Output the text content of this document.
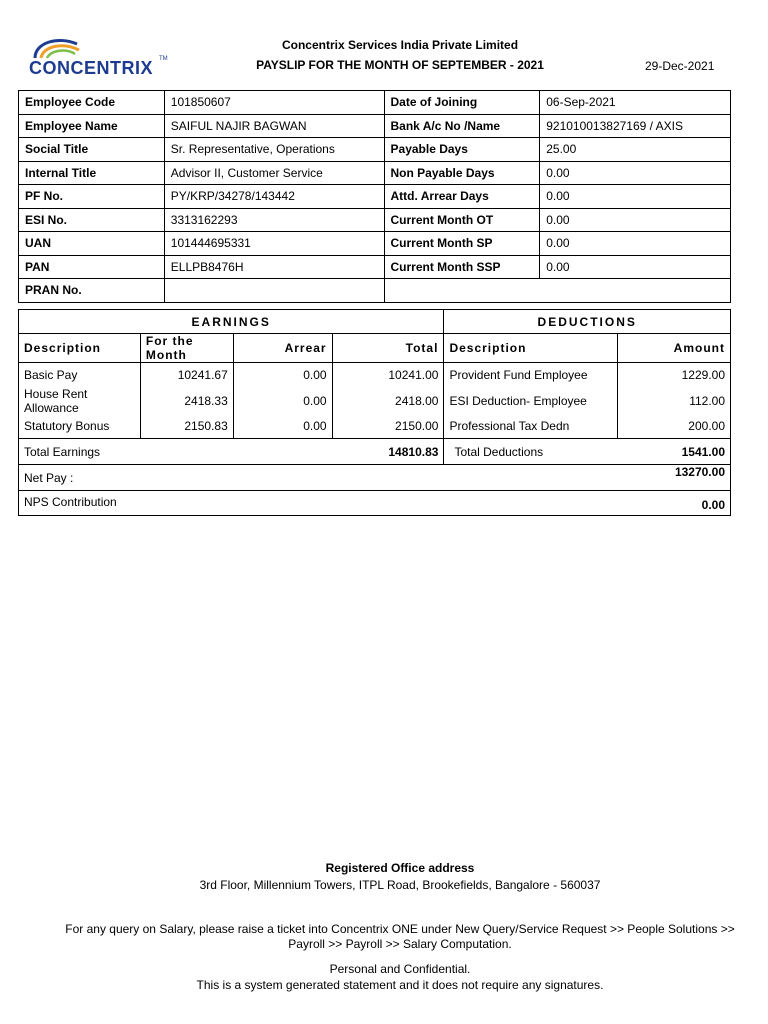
CONCENTRIX TM
Concentrix Services India Private Limited
PAYSLIP FOR THE MONTH OF SEPTEMBER - 2021	29-Dec-2021
Employee Code	101850607	Date of Joining	06-Sep-2021
Employee Name	SAIFUL NAJIR BAGWAN	Bank A/c No /Name	921010013827169 / AXIS
Social Title	Sr. Representative, Operations	Payable Days	25.00
Internal Title	Advisor II, Customer Service	Non Payable Days	0.00
PF No.	PY/KRP/34278/143442	Attd. Arrear Days	0.00
ESI No.	3313162293	Current Month OT	0.00
UAN	101444695331	Current Month SP	0.00
PAN	ELLPB8476H	Current Month SSP	0.00
PRAN No.			
EARNINGS				DEDUCTIONS	
Description	For the Month	Arrear	Total	Description	Amount
Basic Pay	10241.67	0.00	10241.00	Provident Fund Employee	1229.00
House Rent Allowance	2418.33	0.00	2418.00	ESI Deduction- Employee	112.00
Statutory Bonus	2150.83	0.00	2150.00	Professional Tax Dedn	200.00
Total Earnings			14810.83	Total Deductions	1541.00
Net Pay :				13270.00	
NPS Contribution				0.00	
Registered Office address
3rd Floor, Millennium Towers, ITPL Road, Brookefields, Bangalore - 560037
For any query on Salary, please raise a ticket into Concentrix ONE under New Query/Service Request >> People Solutions >>
Payroll >> Payroll >> Salary Computation.
Personal and Confidential.
This is a system generated statement and it does not require any signatures.
